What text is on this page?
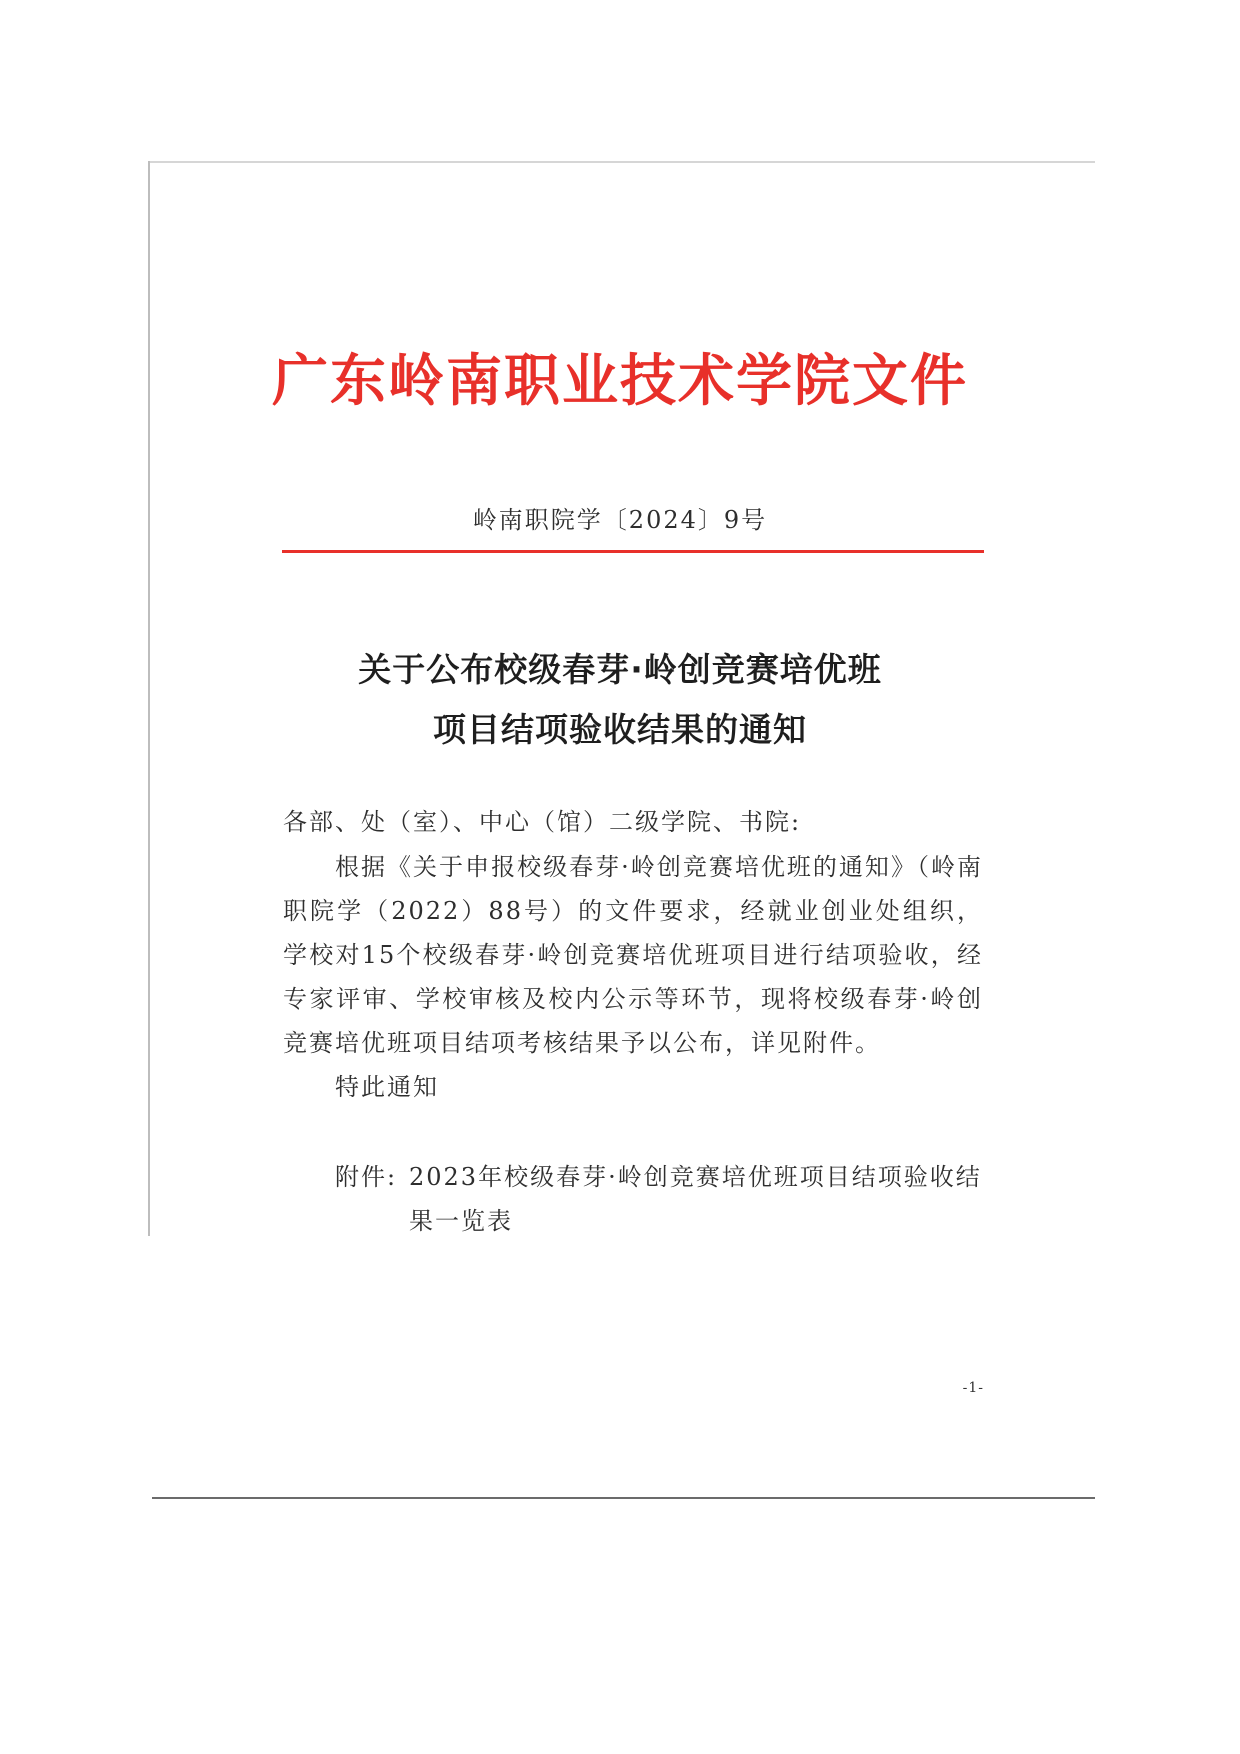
广东岭南职业技术学院文件
岭南职院学〔2024〕9号
关于公布校级春芽·岭创竞赛培优班
项目结项验收结果的通知
各部、处（室）、中心（馆）二级学院、书院:

根据《关于申报校级春芽·岭创竞赛培优班的通知》（岭南职院学（2022）88号）的文件要求，经就业创业处组织，学校对15个校级春芽·岭创竞赛培优班项目进行结项验收，经专家评审、学校审核及校内公示等环节，现将校级春芽·岭创竞赛培优班项目结项考核结果予以公布，详见附件。

特此通知
附件: 2023年校级春芽·岭创竞赛培优班项目结项验收结果一览表
-1-
